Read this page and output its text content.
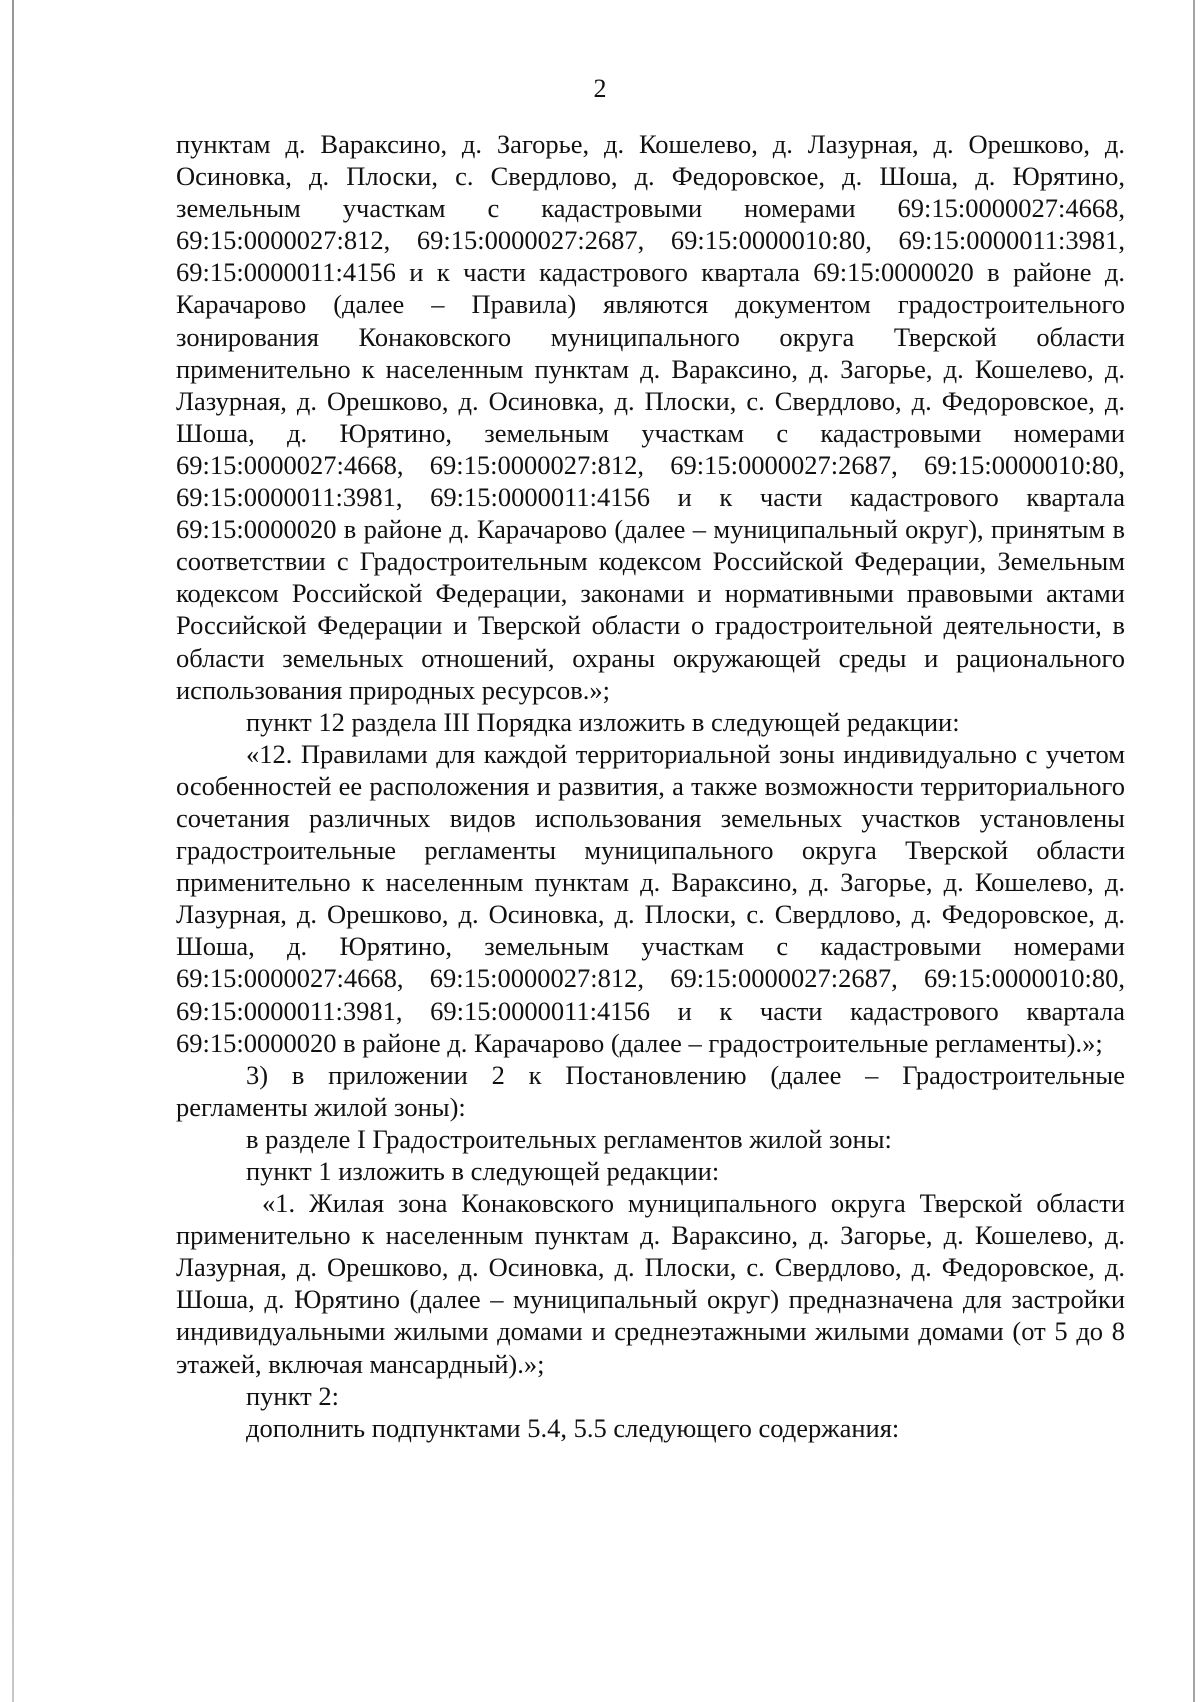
2

пунктам д. Вараксино, д. Загорье, д. Кошелево, д. Лазурная, д. Орешково, д. Осиновка, д. Плоски, с. Свердлово, д. Федоровское, д. Шоша, д. Юрятино, земельным участкам с кадастровыми номерами 69:15:0000027:4668, 69:15:0000027:812, 69:15:0000027:2687, 69:15:0000010:80, 69:15:0000011:3981, 69:15:0000011:4156 и к части кадастрового квартала 69:15:0000020 в районе д. Карачарово (далее – Правила) являются документом градостроительного зонирования Конаковского муниципального округа Тверской области применительно к населенным пунктам д. Вараксино, д. Загорье, д. Кошелево, д. Лазурная, д. Орешково, д. Осиновка, д. Плоски, с. Свердлово, д. Федоровское, д. Шоша, д. Юрятино, земельным участкам с кадастровыми номерами 69:15:0000027:4668, 69:15:0000027:812, 69:15:0000027:2687, 69:15:0000010:80, 69:15:0000011:3981, 69:15:0000011:4156 и к части кадастрового квартала 69:15:0000020 в районе д. Карачарово (далее – муниципальный округ), принятым в соответствии с Градостроительным кодексом Российской Федерации, Земельным кодексом Российской Федерации, законами и нормативными правовыми актами Российской Федерации и Тверской области о градостроительной деятельности, в области земельных отношений, охраны окружающей среды и рационального использования природных ресурсов.»;

пункт 12 раздела III Порядка изложить в следующей редакции:

«12. Правилами для каждой территориальной зоны индивидуально с учетом особенностей ее расположения и развития, а также возможности территориального сочетания различных видов использования земельных участков установлены градостроительные регламенты муниципального округа Тверской области применительно к населенным пунктам д. Вараксино, д. Загорье, д. Кошелево, д. Лазурная, д. Орешково, д. Осиновка, д. Плоски, с. Свердлово, д. Федоровское, д. Шоша, д. Юрятино, земельным участкам с кадастровыми номерами 69:15:0000027:4668, 69:15:0000027:812, 69:15:0000027:2687, 69:15:0000010:80, 69:15:0000011:3981, 69:15:0000011:4156 и к части кадастрового квартала 69:15:0000020 в районе д. Карачарово (далее – градостроительные регламенты).»;

3) в приложении 2 к Постановлению (далее – Градостроительные регламенты жилой зоны):

в разделе I Градостроительных регламентов жилой зоны:

пункт 1 изложить в следующей редакции:

«1. Жилая зона Конаковского муниципального округа Тверской области применительно к населенным пунктам д. Вараксино, д. Загорье, д. Кошелево, д. Лазурная, д. Орешково, д. Осиновка, д. Плоски, с. Свердлово, д. Федоровское, д. Шоша, д. Юрятино (далее – муниципальный округ) предназначена для застройки индивидуальными жилыми домами и среднеэтажными жилыми домами (от 5 до 8 этажей, включая мансардный).»;

пункт 2:

дополнить подпунктами 5.4, 5.5 следующего содержания:
